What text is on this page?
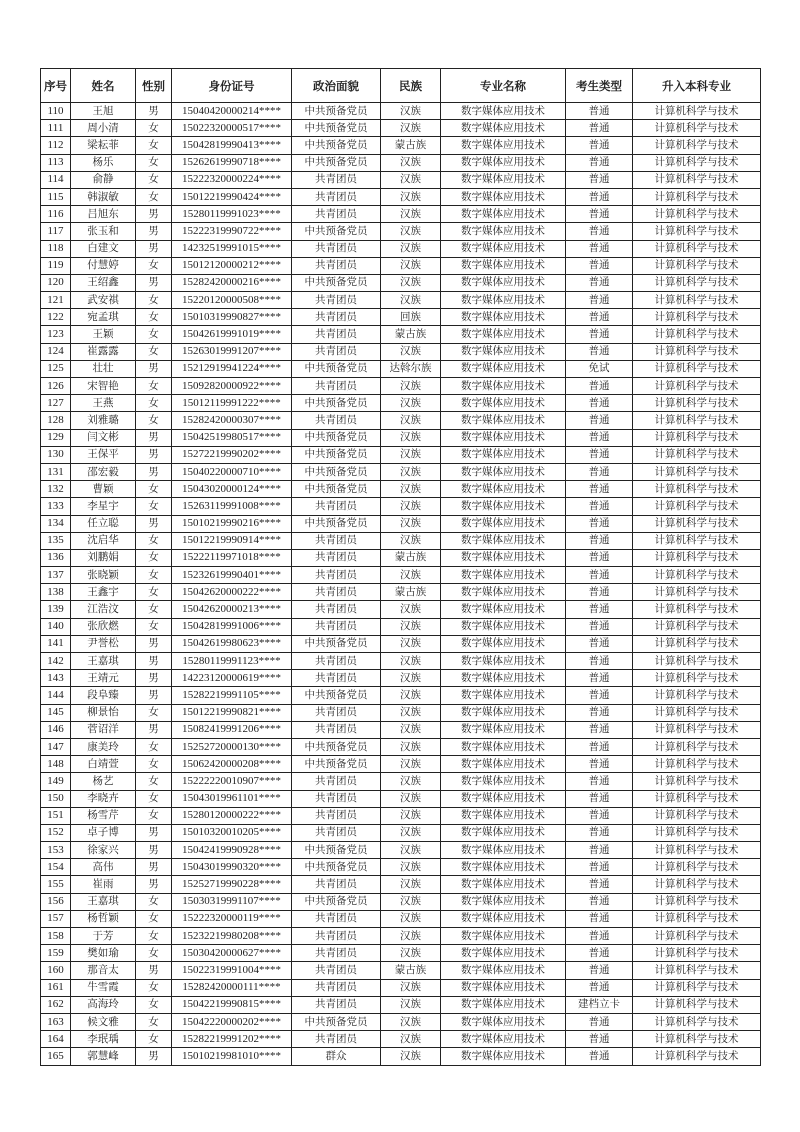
序号	姓名	性别	身份证号	政治面貌	民族	专业名称	考生类型	升入本科专业
110	王旭	男	15040420000214****	中共预备党员	汉族	数字媒体应用技术	普通	计算机科学与技术
111	周小清	女	15022320000517****	中共预备党员	汉族	数字媒体应用技术	普通	计算机科学与技术
112	梁耘菲	女	15042819990413****	中共预备党员	蒙古族	数字媒体应用技术	普通	计算机科学与技术
113	杨乐	女	15262619990718****	中共预备党员	汉族	数字媒体应用技术	普通	计算机科学与技术
114	俞静	女	15222320000224****	共青团员	汉族	数字媒体应用技术	普通	计算机科学与技术
115	韩淑敏	女	15012219990424****	共青团员	汉族	数字媒体应用技术	普通	计算机科学与技术
116	吕旭东	男	15280119991023****	共青团员	汉族	数字媒体应用技术	普通	计算机科学与技术
117	张玉和	男	15222319990722****	中共预备党员	汉族	数字媒体应用技术	普通	计算机科学与技术
118	白建文	男	14232519991015****	共青团员	汉族	数字媒体应用技术	普通	计算机科学与技术
119	付慧婷	女	15012120000212****	共青团员	汉族	数字媒体应用技术	普通	计算机科学与技术
120	王绍鑫	男	15282420000216****	中共预备党员	汉族	数字媒体应用技术	普通	计算机科学与技术
121	武安祺	女	15220120000508****	共青团员	汉族	数字媒体应用技术	普通	计算机科学与技术
122	宛孟琪	女	15010319990827****	共青团员	回族	数字媒体应用技术	普通	计算机科学与技术
123	王颖	女	15042619991019****	共青团员	蒙古族	数字媒体应用技术	普通	计算机科学与技术
124	崔露露	女	15263019991207****	共青团员	汉族	数字媒体应用技术	普通	计算机科学与技术
125	壮壮	男	15212919941224****	中共预备党员	达斡尔族	数字媒体应用技术	免试	计算机科学与技术
126	宋智艳	女	15092820000922****	共青团员	汉族	数字媒体应用技术	普通	计算机科学与技术
127	王燕	女	15012119991222****	中共预备党员	汉族	数字媒体应用技术	普通	计算机科学与技术
128	刘雅璐	女	15282420000307****	共青团员	汉族	数字媒体应用技术	普通	计算机科学与技术
129	闫文彬	男	15042519980517****	中共预备党员	汉族	数字媒体应用技术	普通	计算机科学与技术
130	王保平	男	15272219990202****	中共预备党员	汉族	数字媒体应用技术	普通	计算机科学与技术
131	邵宏毅	男	15040220000710****	中共预备党员	汉族	数字媒体应用技术	普通	计算机科学与技术
132	曹颖	女	15043020000124****	中共预备党员	汉族	数字媒体应用技术	普通	计算机科学与技术
133	李星宇	女	15263119991008****	共青团员	汉族	数字媒体应用技术	普通	计算机科学与技术
134	任立聪	男	15010219990216****	中共预备党员	汉族	数字媒体应用技术	普通	计算机科学与技术
135	沈启华	女	15012219990914****	共青团员	汉族	数字媒体应用技术	普通	计算机科学与技术
136	刘鹏娟	女	15222119971018****	共青团员	蒙古族	数字媒体应用技术	普通	计算机科学与技术
137	张晓颖	女	15232619990401****	共青团员	汉族	数字媒体应用技术	普通	计算机科学与技术
138	王鑫宇	女	15042620000222****	共青团员	蒙古族	数字媒体应用技术	普通	计算机科学与技术
139	江浩汶	女	15042620000213****	共青团员	汉族	数字媒体应用技术	普通	计算机科学与技术
140	张欣燃	女	15042819991006****	共青团员	汉族	数字媒体应用技术	普通	计算机科学与技术
141	尹誉松	男	15042619980623****	中共预备党员	汉族	数字媒体应用技术	普通	计算机科学与技术
142	王嘉琪	男	15280119991123****	共青团员	汉族	数字媒体应用技术	普通	计算机科学与技术
143	王靖元	男	14223120000619****	共青团员	汉族	数字媒体应用技术	普通	计算机科学与技术
144	段阜臻	男	15282219991105****	中共预备党员	汉族	数字媒体应用技术	普通	计算机科学与技术
145	柳景怡	女	15012219990821****	共青团员	汉族	数字媒体应用技术	普通	计算机科学与技术
146	菅诏洋	男	15082419991206****	共青团员	汉族	数字媒体应用技术	普通	计算机科学与技术
147	康美玲	女	15252720000130****	中共预备党员	汉族	数字媒体应用技术	普通	计算机科学与技术
148	白靖萱	女	15062420000208****	中共预备党员	汉族	数字媒体应用技术	普通	计算机科学与技术
149	杨艺	女	15222220010907****	共青团员	汉族	数字媒体应用技术	普通	计算机科学与技术
150	李晓卉	女	15043019961101****	共青团员	汉族	数字媒体应用技术	普通	计算机科学与技术
151	杨雪芹	女	15280120000222****	共青团员	汉族	数字媒体应用技术	普通	计算机科学与技术
152	卓子博	男	15010320010205****	共青团员	汉族	数字媒体应用技术	普通	计算机科学与技术
153	徐家兴	男	15042419990928****	中共预备党员	汉族	数字媒体应用技术	普通	计算机科学与技术
154	高伟	男	15043019990320****	中共预备党员	汉族	数字媒体应用技术	普通	计算机科学与技术
155	崔雨	男	15252719990228****	共青团员	汉族	数字媒体应用技术	普通	计算机科学与技术
156	王嘉琪	女	15030319991107****	中共预备党员	汉族	数字媒体应用技术	普通	计算机科学与技术
157	杨哲颖	女	15222320000119****	共青团员	汉族	数字媒体应用技术	普通	计算机科学与技术
158	于芳	女	15232219980208****	共青团员	汉族	数字媒体应用技术	普通	计算机科学与技术
159	樊如瑜	女	15030420000627****	共青团员	汉族	数字媒体应用技术	普通	计算机科学与技术
160	那音太	男	15022319991004****	共青团员	蒙古族	数字媒体应用技术	普通	计算机科学与技术
161	牛雪霞	女	15282420000111****	共青团员	汉族	数字媒体应用技术	普通	计算机科学与技术
162	高海玲	女	15042219990815****	共青团员	汉族	数字媒体应用技术	建档立卡	计算机科学与技术
163	候文雅	女	15042220000202****	中共预备党员	汉族	数字媒体应用技术	普通	计算机科学与技术
164	李珉瑀	女	15282219991202****	共青团员	汉族	数字媒体应用技术	普通	计算机科学与技术
165	郭慧峰	男	15010219981010****	群众	汉族	数字媒体应用技术	普通	计算机科学与技术
